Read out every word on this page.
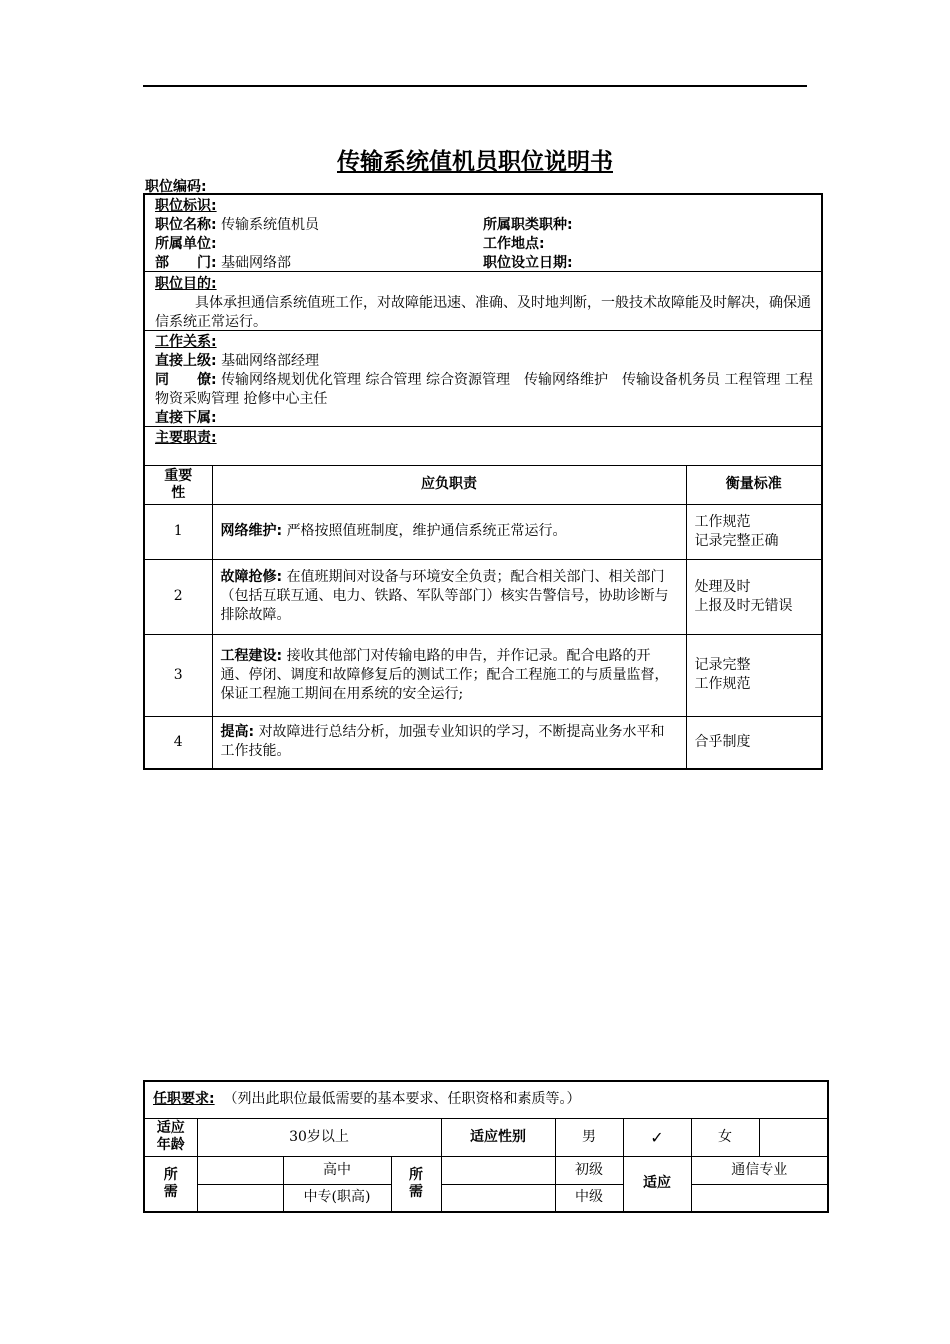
传输系统值机员职位说明书
职位编码:
职位标识:
职位名称: 传输系统值机员	所属职类职种:
所属单位:	工作地点:
部　　门: 基础网络部	职位设立日期:
职位目的:
具体承担通信系统值班工作，对故障能迅速、准确、及时地判断，一般技术故障能及时解决，确保通信系统正常运行。
工作关系:
直接上级: 基础网络部经理
同　　僚: 传输网络规划优化管理 综合管理 综合资源管理　传输网络维护　传输设备机务员 工程管理 工程物资采购管理 抢修中心主任
直接下属:
主要职责:
重要性	应负职责	衡量标准
1	网络维护: 严格按照值班制度，维护通信系统正常运行。	工作规范
记录完整正确

2	故障抢修: 在值班期间对设备与环境安全负责；配合相关部门、相关部门（包括互联互通、电力、铁路、军队等部门）核实告警信号，协助诊断与排除故障。	处理及时
上报及时无错误

3	工程建设: 接收其他部门对传输电路的申告，并作记录。配合电路的开通、停闭、调度和故障修复后的测试工作；配合工程施工的与质量监督，保证工程施工期间在用系统的安全运行;	记录完整
工作规范

4	提高: 对故障进行总结分析，加强专业知识的学习，不断提高业务水平和工作技能。	合乎制度
任职要求: （列出此职位最低需要的基本要求、任职资格和素质等。）								
适应年龄	30岁以上			适应性别	男	✓	女	
所需		高中	所需		初级	适应	通信专业	
		中专(职高)			中级			
